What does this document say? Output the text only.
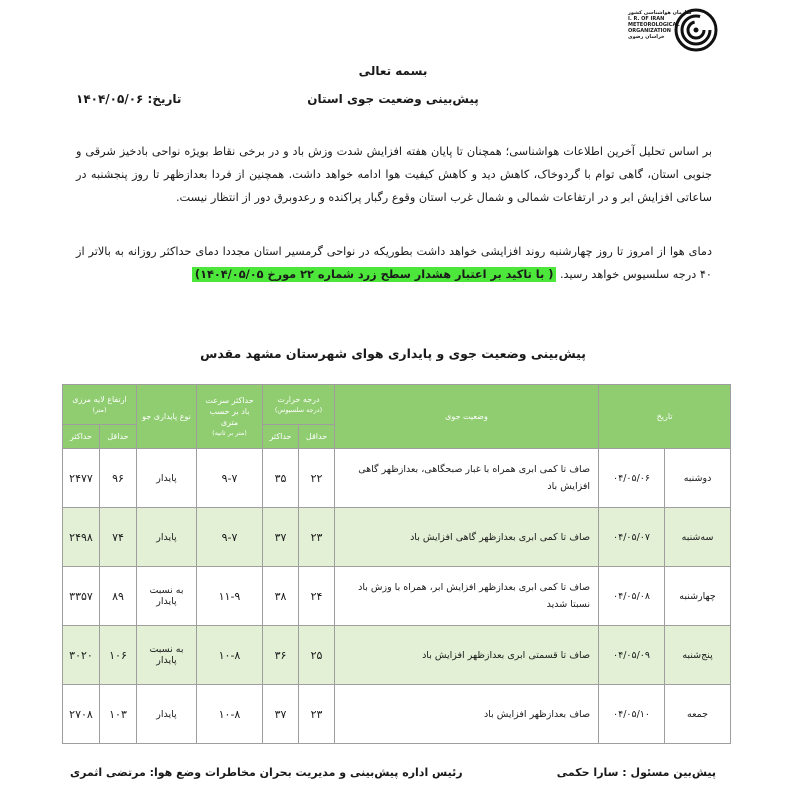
سازمان هواشناسی کشور
I. R. OF IRAN
METEOROLOGICAL
ORGANIZATION
خراسان رضوی
بسمه تعالی
پیش‌بینی وضعیت جوی استان
تاریخ: ۱۴۰۴/۰۵/۰۶
بر اساس تحلیل آخرین اطلاعات هواشناسی؛ همچنان تا پایان هفته افزایش شدت وزش باد و در برخی نقاط بویژه نواحی بادخیز شرقی و جنوبی استان، گاهی توام با گردوخاک، کاهش دید و کاهش کیفیت هوا ادامه خواهد داشت. همچنین از فردا بعدازظهر تا روز پنجشنبه در ساعاتی افزایش ابر و در ارتفاعات شمالی و شمال غرب استان وقوع رگبار پراکنده و رعدوبرق دور از انتظار نیست.
دمای هوا از امروز تا روز چهارشنبه روند افزایشی خواهد داشت بطوریکه در نواحی گرمسیر استان مجددا دمای حداکثر روزانه به بالاتر از ۴۰ درجه سلسیوس خواهد رسید. ( با تاکید بر اعتبار هشدار سطح زرد شماره ۲۲ مورخ ۱۴۰۴/۰۵/۰۵)
پیش‌بینی وضعیت جوی و پایداری هوای شهرستان مشهد مقدس
تاریخ		وضعیت جوی	درجه حرارت
(درجه سلسیوس)		حداکثر سرعت باد بر حسب متری
(متر بر ثانیه)	نوع پایداری جو	ارتفاع لایه مرزی
(متر)	

			حداقل	حداکثر			حداقل	حداکثر
دوشنبه	۰۴/۰۵/۰۶	صاف تا کمی ابری همراه با غبار صبحگاهی، بعدازظهر گاهی افزایش باد	۲۲	۳۵	۹-۷	پایدار	۹۶	۲۴۷۷
سه‌شنبه	۰۴/۰۵/۰۷	صاف تا کمی ابری بعدازظهر گاهی افزایش باد	۲۳	۳۷	۹-۷	پایدار	۷۴	۲۴۹۸
چهارشنبه	۰۴/۰۵/۰۸	صاف تا کمی ابری بعدازظهر افزایش ابر، همراه با وزش باد نسبتا شدید	۲۴	۳۸	۱۱-۹	به نسبت پایدار	۸۹	۳۳۵۷
پنج‌شنبه	۰۴/۰۵/۰۹	صاف تا قسمتی ابری بعدازظهر افزایش باد	۲۵	۳۶	۱۰-۸	به نسبت پایدار	۱۰۶	۳۰۲۰
جمعه	۰۴/۰۵/۱۰	صاف بعدازظهر افزایش باد	۲۳	۳۷	۱۰-۸	پایدار	۱۰۳	۲۷۰۸
پیش‌بین مسئول : سارا حکمی
رئیس اداره پیش‌بینی و مدیریت بحران مخاطرات وضع هوا: مرتضی اثمری
